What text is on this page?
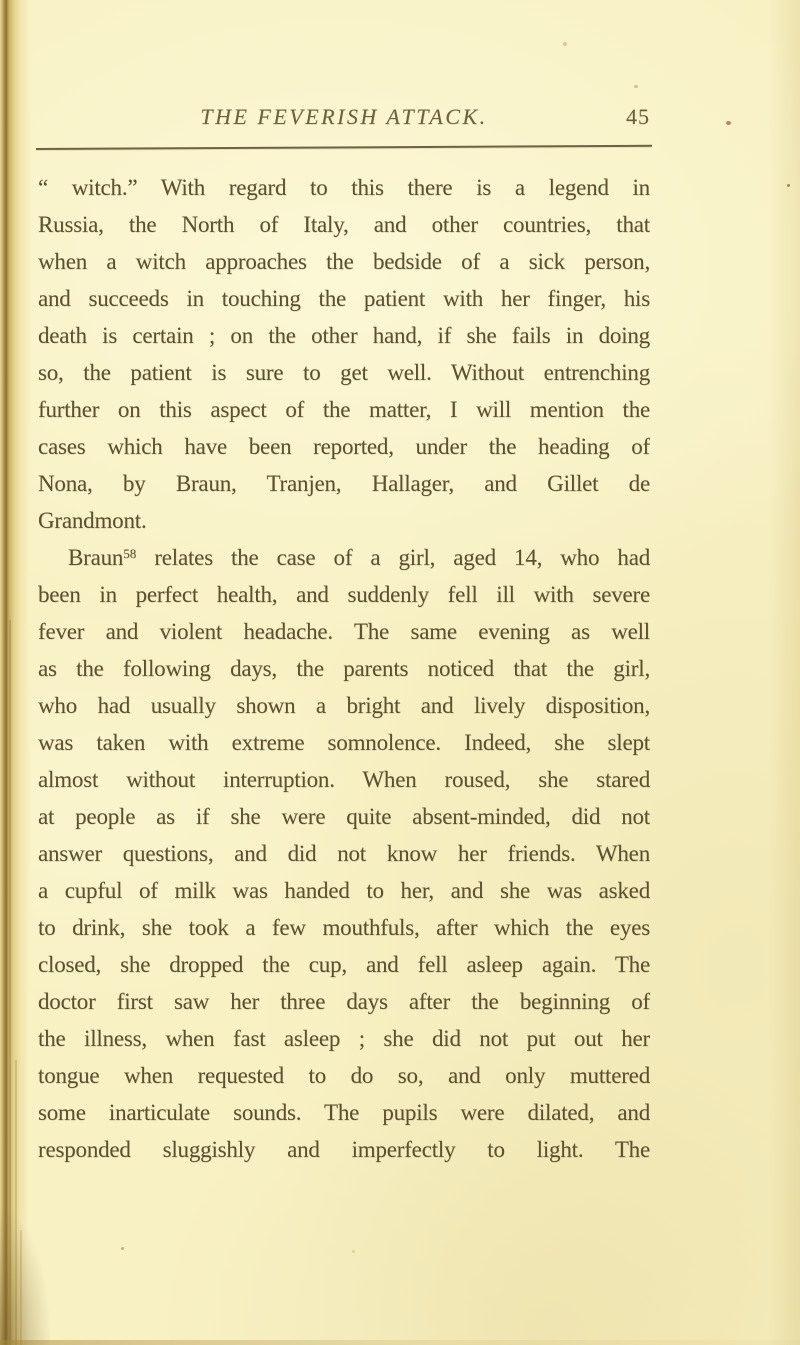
THE FEVERISH ATTACK.	45
“ witch.” With regard to this there is a legend in
Russia, the North of Italy, and other countries, that
when a witch approaches the bedside of a sick person,
and succeeds in touching the patient with her finger, his
death is certain ; on the other hand, if she fails in doing
so, the patient is sure to get well. Without entrenching
further on this aspect of the matter, I will mention the
cases which have been reported, under the heading of
Nona, by Braun, Tranjen, Hallager, and Gillet de
Grandmont.
Braun$^{58}$ relates the case of a girl, aged 14, who had
been in perfect health, and suddenly fell ill with severe
fever and violent headache. The same evening as well
as the following days, the parents noticed that the girl,
who had usually shown a bright and lively disposition,
was taken with extreme somnolence. Indeed, she slept
almost without interruption. When roused, she stared
at people as if she were quite absent-minded, did not
answer questions, and did not know her friends. When
a cupful of milk was handed to her, and she was asked
to drink, she took a few mouthfuls, after which the eyes
closed, she dropped the cup, and fell asleep again. The
doctor first saw her three days after the beginning of
the illness, when fast asleep ; she did not put out her
tongue when requested to do so, and only muttered
some inarticulate sounds. The pupils were dilated, and
responded sluggishly and imperfectly to light. The
